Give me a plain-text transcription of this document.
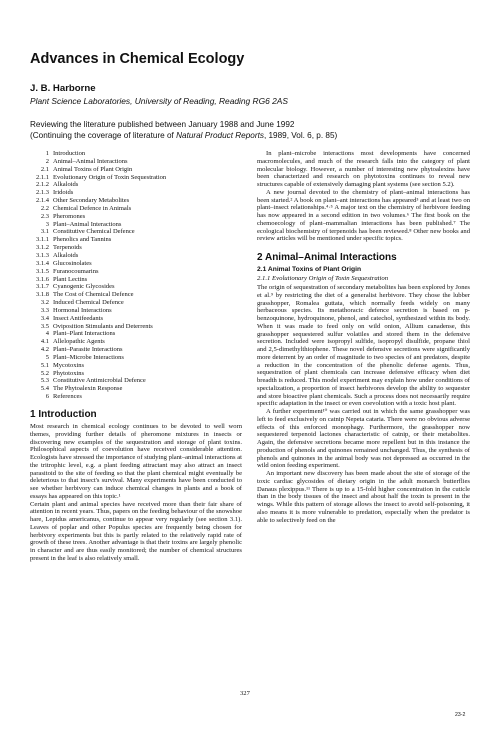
Advances in Chemical Ecology
J. B. Harborne
Plant Science Laboratories, University of Reading, Reading RG6 2AS
Reviewing the literature published between January 1988 and June 1992
(Continuing the coverage of literature of Natural Product Reports, 1989, Vol. 6, p. 85)
1 Introduction
2 Animal–Animal Interactions
2.1 Animal Toxins of Plant Origin
2.1.1 Evolutionary Origin of Toxin Sequestration
2.1.2 Alkaloids
2.1.3 Iridoids
2.1.4 Other Secondary Metabolites
2.2 Chemical Defence in Animals
2.3 Pheromones
3 Plant–Animal Interactions
3.1 Constitutive Chemical Defence
3.1.1 Phenolics and Tannins
3.1.2 Terpenoids
3.1.3 Alkaloids
3.1.4 Glucosinolates
3.1.5 Furanocoumarins
3.1.6 Plant Lectins
3.1.7 Cyanogenic Glycosides
3.1.8 The Cost of Chemical Defence
3.2 Induced Chemical Defence
3.3 Hormonal Interactions
3.4 Insect Antifeedants
3.5 Oviposition Stimulants and Deterrents
4 Plant–Plant Interactions
4.1 Allelopathic Agents
4.2 Plant–Parasite Interactions
5 Plant–Microbe Interactions
5.1 Mycotoxins
5.2 Phytotoxins
5.3 Constitutive Antimicrobial Defence
5.4 The Phytoalexin Response
6 References
1 Introduction

Most research in chemical ecology continues to be devoted to well worn themes, providing further details of pheromone mixtures in insects or discovering new examples of the sequestration and storage of plant toxins. Philosophical aspects of coevolution have received considerable attention. Ecologists have stressed the importance of studying plant–animal interactions at the tritrophic level, e.g. a plant feeding attractant may also attract an insect parasitoid to the site of feeding so that the plant chemical might eventually be deleterious to that insect's survival. Many experiments have been conducted to see whether herbivory can induce chemical changes in plants and a book of essays has appeared on this topic.¹

Certain plant and animal species have received more than their fair share of attention in recent years. Thus, papers on the feeding behaviour of the snowshoe hare, Lepidus americanus, continue to appear very regularly (see section 3.1). Leaves of poplar and other Populus species are frequently being chosen for herbivory experiments but this is partly related to the relatively rapid rate of growth of these trees. Another advantage is that their toxins are largely phenolic in character and are thus easily monitored; the number of chemical structures present in the leaf is also relatively small.

In plant–microbe interactions most developments have concerned macromolecules, and much of the research falls into the category of plant molecular biology. However, a number of interesting new phytoalexins have been characterized and research on phytotoxins continues to reveal new structures capable of extensively damaging plant systems (see section 5.2).

A new journal devoted to the chemistry of plant–animal interactions has been started.² A book on plant–ant interactions has appeared³ and at least two on plant–insect relationships.⁴·⁵ A major text on the chemistry of herbivore feeding has now appeared in a second edition in two volumes.⁶ The first book on the chemoecology of plant–mammalian interactions has been published.⁷ The ecological biochemistry of terpenoids has been reviewed.⁸ Other new books and review articles will be mentioned under specific topics.

2 Animal–Animal Interactions
2.1 Animal Toxins of Plant Origin
2.1.1 Evolutionary Origin of Toxin Sequestration

The origin of sequestration of secondary metabolites has been explored by Jones et al.⁹ by restricting the diet of a generalist herbivore. They chose the lubber grasshopper, Romalea guttata, which normally feeds widely on many herbaceous species. Its metathoracic defence secretion is based on p-benzoquinone, hydroquinone, phenol, and catechol, synthesized within its body. When it was made to feed only on wild onion, Allium canadense, this grasshopper sequestered sulfur volatiles and stored them in the defensive secretion. Included were isopropyl sulfide, isopropyl disulfide, propane thiol and 2,5-dimethylthiophene. These novel defensive secretions were significantly more deterrent by an order of magnitude to two species of ant predators, despite a reduction in the concentration of the phenolic defense agents. Thus, sequestration of plant chemicals can increase defensive efficacy when diet breadth is reduced. This model experiment may explain how under conditions of specialization, a proportion of insect herbivores develop the ability to sequester and store bioactive plant chemicals. Such a process does not necessarily require specific adaptation in the insect or even coevolution with a toxic host plant.

A further experiment¹⁰ was carried out in which the same grasshopper was left to feed exclusively on catnip Nepeta cataria. There were no obvious adverse effects of this enforced monophagy. Furthermore, the grasshopper now sequestered terpenoid lactones characteristic of catnip, or their metabolites. Again, the defensive secretions became more repellent but in this instance the production of phenols and quinones remained unchanged. Thus, the synthesis of phenols and quinones in the animal body was not depressed as occurred in the wild onion feeding experiment.

An important new discovery has been made about the site of storage of the toxic cardiac glycosides of dietary origin in the adult monarch butterflies Danaus plexippus.¹¹ There is up to a 15-fold higher concentration in the cuticle than in the body tissues of the insect and about half the toxin is present in the wings. While this pattern of storage allows the insect to avoid self-poisoning, it also means it is more vulnerable to predation, especially when the predator is able to selectively feed on the

327
23-2
